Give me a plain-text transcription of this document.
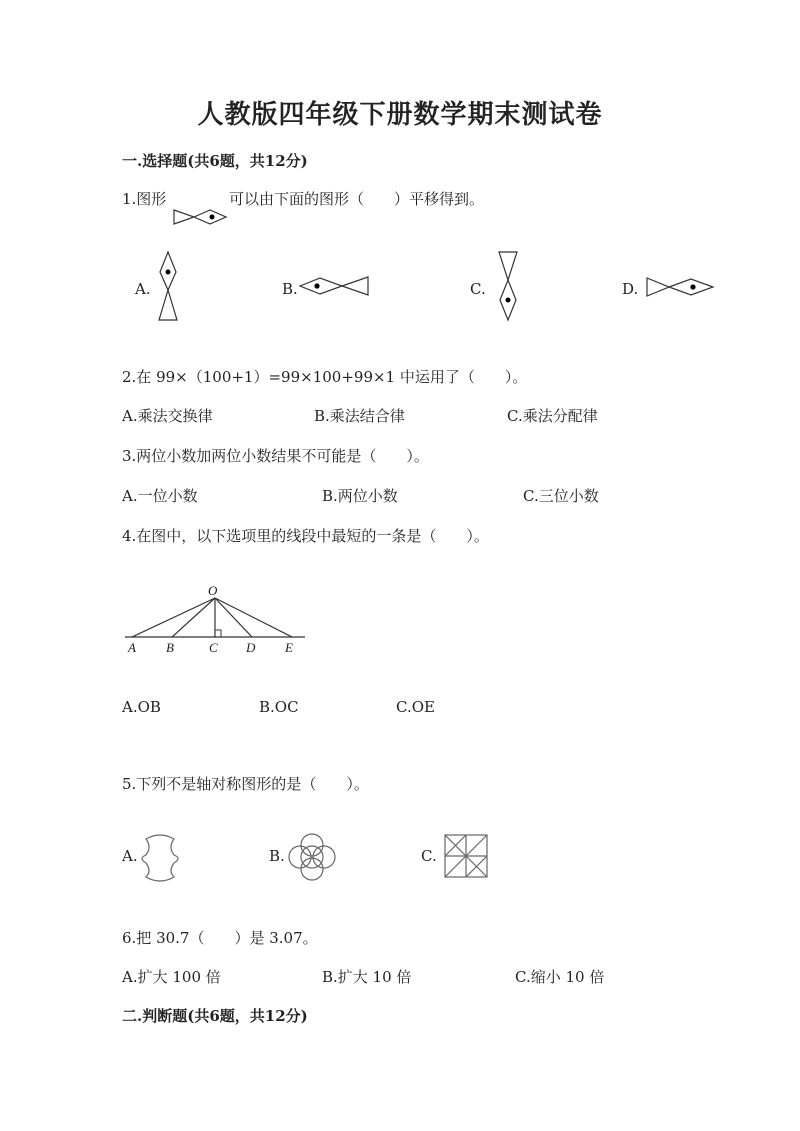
人教版四年级下册数学期末测试卷
一.选择题(共6题，共12分)
1.图形	可以由下面的图形（　　）平移得到。
A.	B.	C.	D.
2.在 99×（100+1）=99×100+99×1 中运用了（　　）。
A.乘法交换律	B.乘法结合律	C.乘法分配律
3.两位小数加两位小数结果不可能是（　　）。
A.一位小数	B.两位小数	C.三位小数
4.在图中，以下选项里的线段中最短的一条是（　　）。
O
A B	C D E
A.OB	B.OC	C.OE
5.下列不是轴对称图形的是（　　）。
A.	B.	C.
6.把 30.7（　　）是 3.07。
A.扩大 100 倍	B.扩大 10 倍	C.缩小 10 倍
二.判断题(共6题，共12分)
